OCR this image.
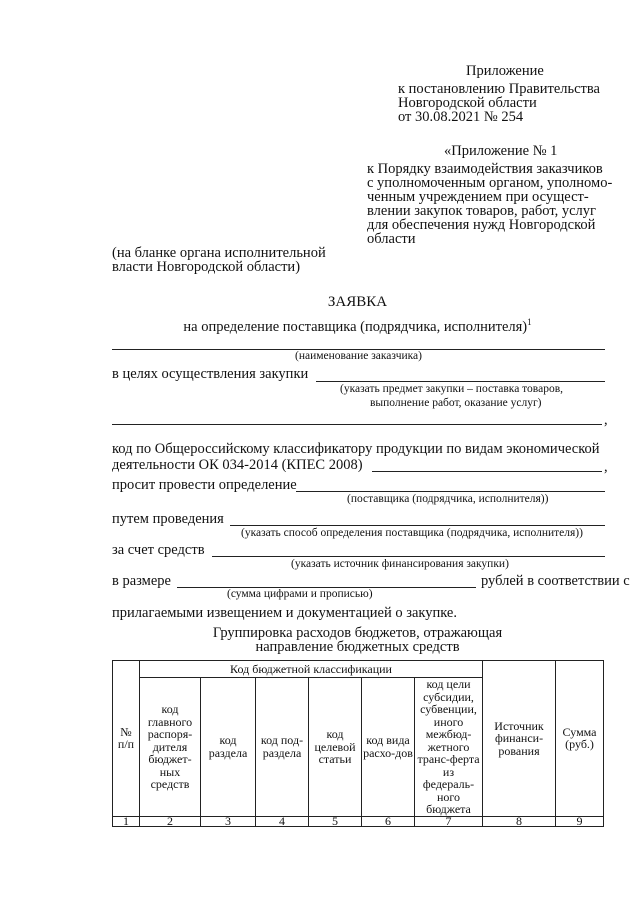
Приложение
к постановлению Правительства
Новгородской области
от 30.08.2021 № 254
«Приложение № 1
к Порядку взаимодействия заказчиков
с уполномоченным органом, уполномо-
ченным учреждением при осущест-
влении закупок товаров, работ, услуг
для обеспечения нужд Новгородской
области
(на бланке органа исполнительной
власти Новгородской области)
ЗАЯВКА
на определение поставщика (подрядчика, исполнителя)$^1$
(наименование заказчика)
в целях осуществления закупки
(указать предмет закупки – поставка товаров,
выполнение работ, оказание услуг)
,
код по Общероссийскому классификатору продукции по видам экономической
деятельности ОК 034-2014 (КПЕС 2008)	,
просит провести определение
(поставщика (подрядчика, исполнителя))
путем проведения
(указать способ определения поставщика (подрядчика, исполнителя))
за счет средств
(указать источник финансирования закупки)
в размере	рублей в соответствии с
(сумма цифрами и прописью)
прилагаемыми извещением и документацией о закупке.
Группировка расходов бюджетов, отражающая
направление бюджетных средств
№ п/п	Код бюджетной классификации						Источник финанси-рования	Сумма (руб.)
	код главного распоря-дителя бюджет-ных средств	код раздела	код под-раздела	код целевой статьи	код вида расхо-дов	код цели субсидии, субвенции, иного межбюд-жетного транс-ферта из федераль-ного бюджета		
1	2	3	4	5	6	7	8	9
